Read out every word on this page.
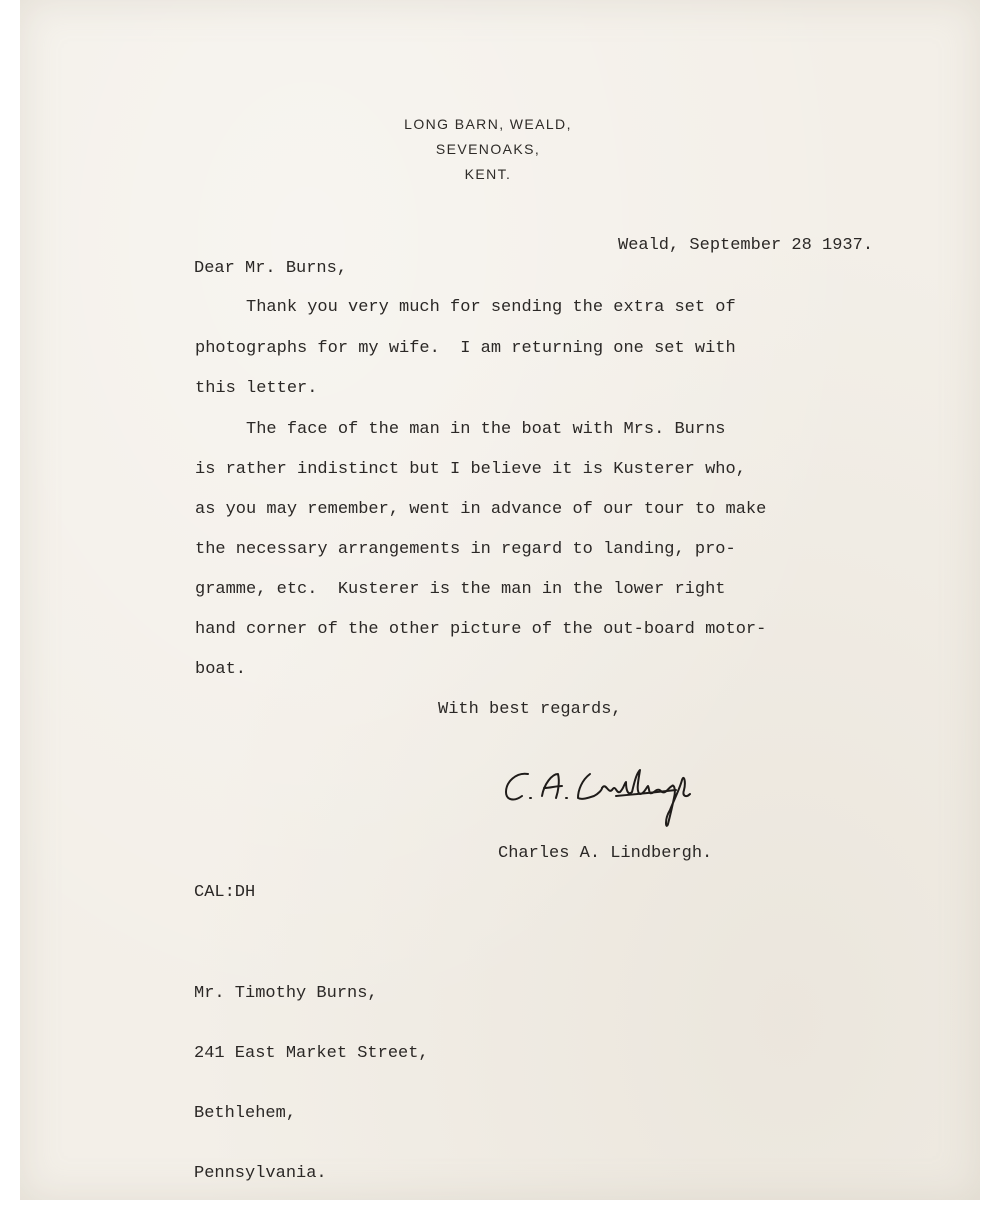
LONG BARN, WEALD,
SEVENOAKS,
KENT.
Weald, September 28 1937.
Dear Mr. Burns,
Thank you very much for sending the extra set of
photographs for my wife.  I am returning one set with
this letter.
The face of the man in the boat with Mrs. Burns
is rather indistinct but I believe it is Kusterer who,
as you may remember, went in advance of our tour to make
the necessary arrangements in regard to landing, pro-
gramme, etc.  Kusterer is the man in the lower right
hand corner of the other picture of the out-board motor-
boat.
With best regards,
Charles A. Lindbergh.
CAL:DH

Mr. Timothy Burns,

241 East Market Street,

Bethlehem,

Pennsylvania.
